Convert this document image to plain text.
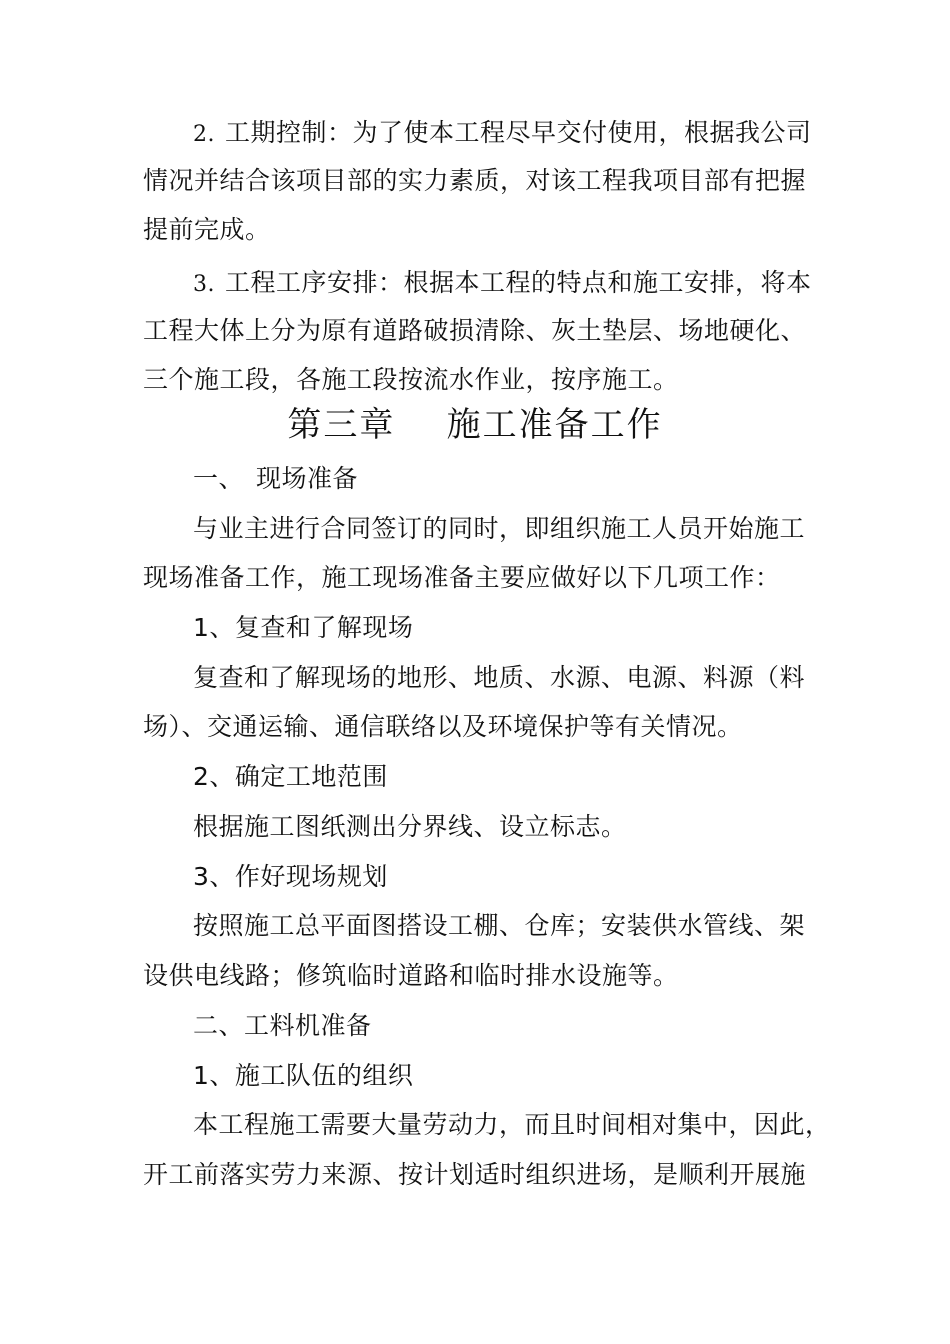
2. 工期控制：为了使本工程尽早交付使用，根据我公司
情况并结合该项目部的实力素质，对该工程我项目部有把握
提前完成。
3. 工程工序安排：根据本工程的特点和施工安排，将本
工程大体上分为原有道路破损清除、灰土垫层、场地硬化、
三个施工段，各施工段按流水作业，按序施工。
第三章    施工准备工作
一、 现场准备
与业主进行合同签订的同时，即组织施工人员开始施工
现场准备工作，施工现场准备主要应做好以下几项工作：
1、复查和了解现场
复查和了解现场的地形、地质、水源、电源、料源（料
场）、交通运输、通信联络以及环境保护等有关情况。
2、确定工地范围
根据施工图纸测出分界线、设立标志。
3、作好现场规划
按照施工总平面图搭设工棚、仓库；安装供水管线、架
设供电线路；修筑临时道路和临时排水设施等。
二、工料机准备
1、施工队伍的组织
本工程施工需要大量劳动力，而且时间相对集中，因此，
开工前落实劳力来源、按计划适时组织进场，是顺利开展施
